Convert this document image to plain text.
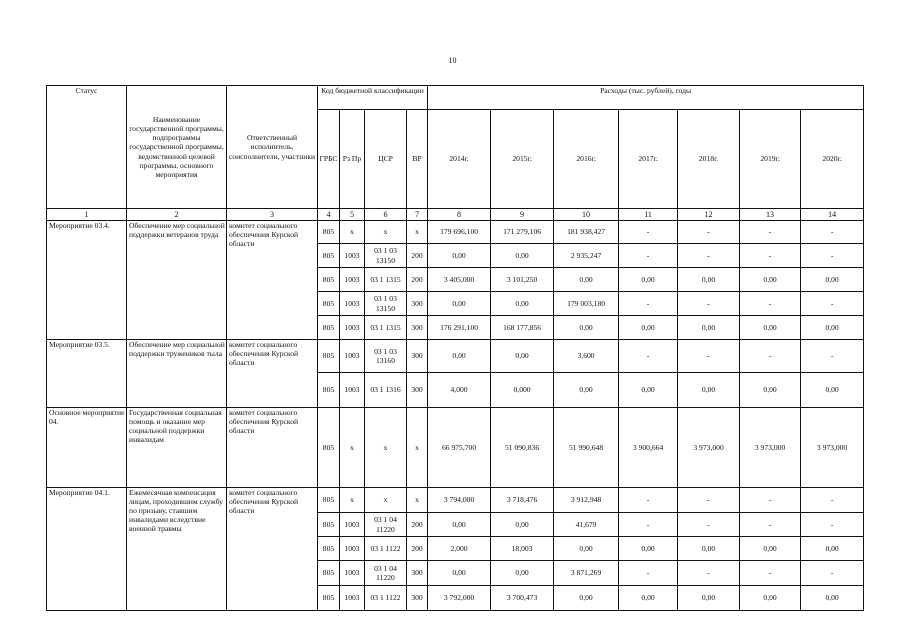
10
Статус	Наименование государственной программы, подпрограммы государственной программы, ведомственной целевой программы, основного мероприятия	Ответственный исполнитель, соисполнители, участники	Код бюджетной классификации				Расходы (тыс. рублей), годы						
			ГРБС	Рз Пр	ЦСР	ВР	2014г.	2015г.	2016г.	2017г.	2018г.	2019г.	2020г.
1	2	3	4	5	6	7	8	9	10	11	12	13	14
Мероприятие 03.4.	Обеспечение мер социальной поддержки ветеранов труда	комитет социального обеспечения Курской области	805	х	х	х	179 696,100	171 279,106	181 938,427	-	-	-	-
			805	1003	03 1 03 13150	200	0,00	0,00	2 935,247	-	-	-	-
			805	1003	03 1 1315	200	3 405,000	3 101,250	0,00	0,00	0,00	0,00	0,00
			805	1003	03 1 03 13150	300	0,00	0,00	179 003,180	-	-	-	-
			805	1003	03 1 1315	300	176 291,100	168 177,856	0,00	0,00	0,00	0,00	0,00
Мероприятие 03.5.	Обеспечение мер социальной поддержки тружеников тыла	комитет социального обеспечения Курской области	805	1003	03 1 03 13160	300	0,00	0,00	3,600	-	-	-	-
			805	1003	03 1 1316	300	4,000	0,000	0,00	0,00	0,00	0,00	0,00
Основное мероприятие 04.	Государственная социальная помощь и оказание мер социальной поддержки инвалидам	комитет социального обеспечения Курской области	805	х	х	х	66 975,700	51 090,836	51 990,648	3 900,664	3 973,000	3 973,000	3 973,000
Мероприятие 04.1.	Ежемесячная компенсация лицам, проходившим службу по призыву, ставшим инвалидами вследствие военной травмы	комитет социального обеспечения Курской области	805	х	х	х	3 794,000	3 718,476	3 912,948	-	-	-	-
			805	1003	03 1 04 11220	200	0,00	0,00	41,679	-	-	-	-
			805	1003	03 1 1122	200	2,000	18,003	0,00	0,00	0,00	0,00	0,00
			805	1003	03 1 04 11220	300	0,00	0,00	3 871,269	-	-	-	-
			805	1003	03 1 1122	300	3 792,000	3 700,473	0,00	0,00	0,00	0,00	0,00
